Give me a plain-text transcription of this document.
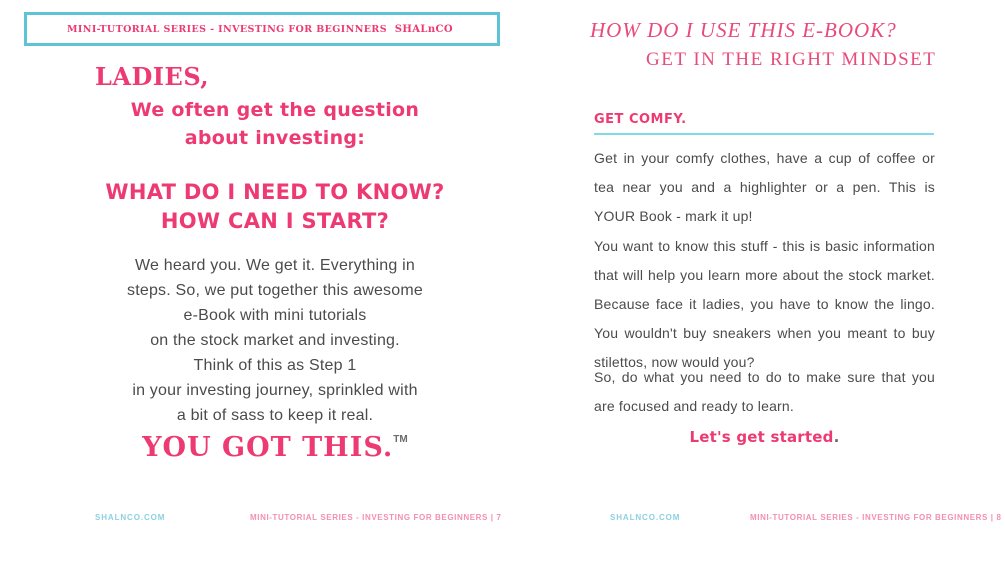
MINI-TUTORIAL SERIES - INVESTING FOR BEGINNERS SHALnCO
LADIES,
We often get the question
about investing:
WHAT DO I NEED TO KNOW?
HOW CAN I START?
We heard you. We get it. Everything in
steps. So, we put together this awesome
e-Book with mini tutorials
on the stock market and investing.
Think of this as Step 1
in your investing journey, sprinkled with
a bit of sass to keep it real.
YOU GOT THIS.™
SHALNCO.COM	MINI-TUTORIAL SERIES - INVESTING FOR BEGINNERS | 7
HOW DO I USE THIS E-BOOK?
GET IN THE RIGHT MINDSET
GET COMFY.

Get in your comfy clothes, have a cup of coffee or tea near you and a highlighter or a pen. This is YOUR Book - mark it up!

You want to know this stuff - this is basic information that will help you learn more about the stock market. Because face it ladies, you have to know the lingo. You wouldn't buy sneakers when you meant to buy stilettos, now would you?

So, do what you need to do to make sure that you are focused and ready to learn.

Let's get started.
SHALNCO.COM	MINI-TUTORIAL SERIES - INVESTING FOR BEGINNERS | 8
